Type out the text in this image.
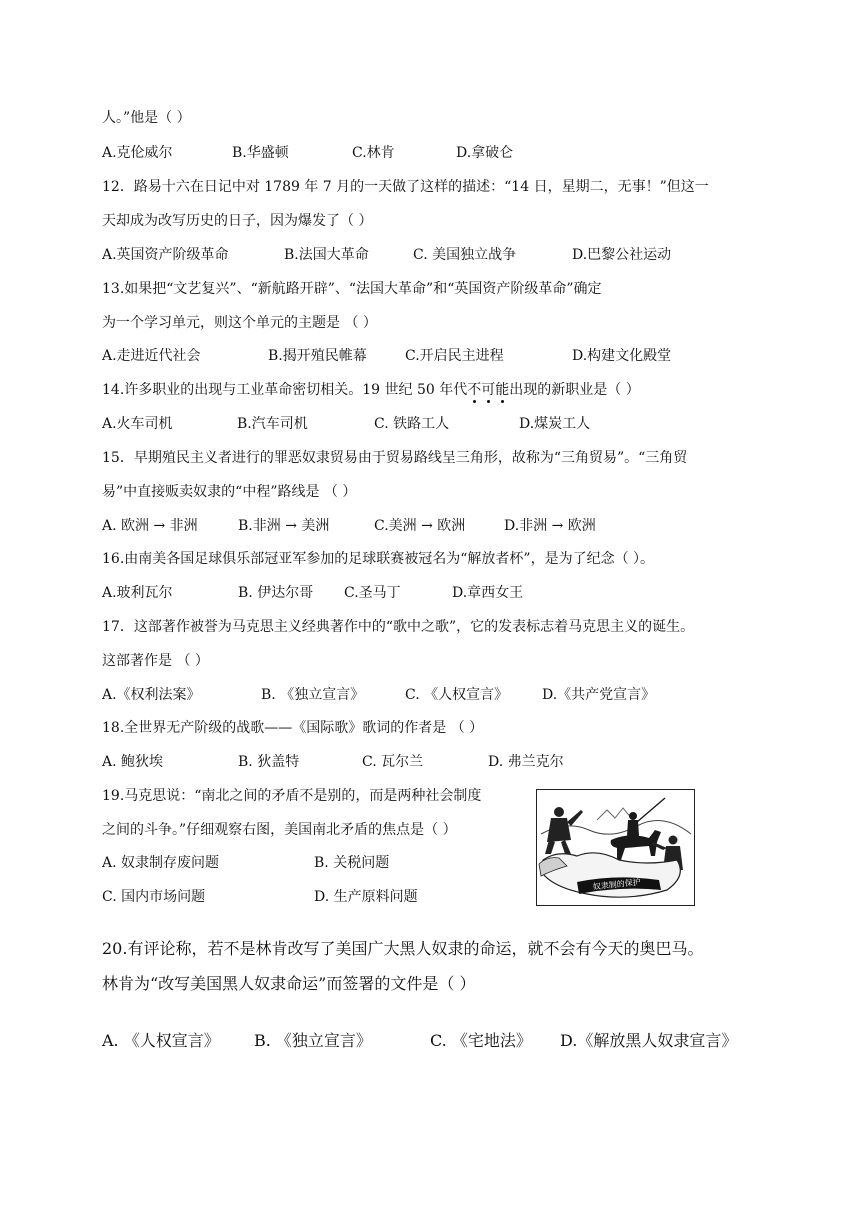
人。”他是（ ）
A.克伦威尔	B.华盛顿	C.林肯	D.拿破仑
12．路易十六在日记中对 1789 年 7 月的一天做了这样的描述：“14 日，星期二，无事！”但这一
天却成为改写历史的日子，因为爆发了（ ）
A.英国资产阶级革命	B.法国大革命	C. 美国独立战争	D.巴黎公社运动
13.如果把“文艺复兴”、“新航路开辟”、“法国大革命”和“英国资产阶级革命”确定
为一个学习单元，则这个单元的主题是 （ ）
A.走进近代社会	B.揭开殖民帷幕	C.开启民主进程	D.构建文化殿堂
14.许多职业的出现与工业革命密切相关。19 世纪 50 年代不可能出现的新职业是（ ）
A.火车司机	B.汽车司机	C. 铁路工人	D.煤炭工人
15．早期殖民主义者进行的罪恶奴隶贸易由于贸易路线呈三角形，故称为“三角贸易”。“三角贸
易”中直接贩卖奴隶的“中程”路线是 （ ）
A. 欧洲 → 非洲	B.非洲 → 美洲	C.美洲 → 欧洲	D.非洲 → 欧洲
16.由南美各国足球俱乐部冠亚军参加的足球联赛被冠名为“解放者杯”，是为了纪念（ ）。
A.玻利瓦尔	B. 伊达尔哥 C.圣马丁	D.章西女王
17．这部著作被誉为马克思主义经典著作中的“歌中之歌”，它的发表标志着马克思主义的诞生。
这部著作是 （ ）
A.《权利法案》	B. 《独立宣言》	C. 《人权宣言》 D.《共产党宣言》
18.全世界无产阶级的战歌——《国际歌》歌词的作者是 （ ）
A. 鲍狄埃	B. 狄盖特	C. 瓦尔兰	D. 弗兰克尔
19.马克思说：“南北之间的矛盾不是别的，而是两种社会制度
之间的斗争。”仔细观察右图，美国南北矛盾的焦点是（ ）
A. 奴隶制存废问题	B. 关税问题
C. 国内市场问题	D. 生产原料问题
奴隶制的保护
20.有评论称，若不是林肯改写了美国广大黑人奴隶的命运，就不会有今天的奥巴马。
林肯为“改写美国黑人奴隶命运”而签署的文件是（ ）
A. 《人权宣言》 B. 《独立宣言》	C. 《宅地法》 D.《解放黑人奴隶宣言》
